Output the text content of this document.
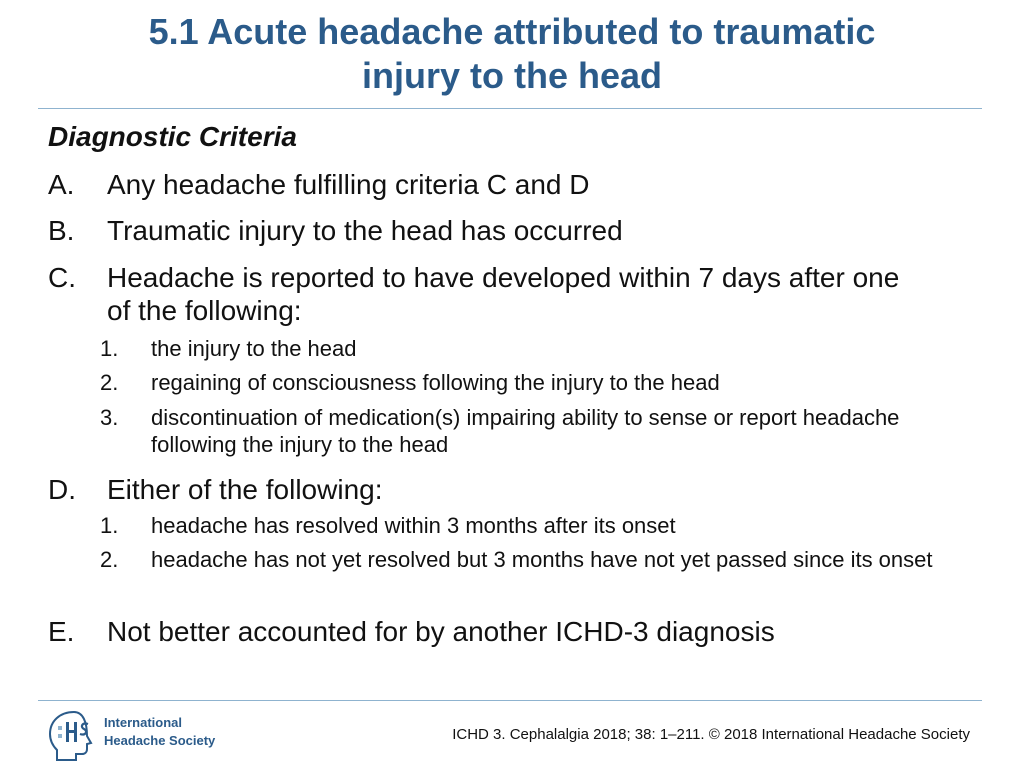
5.1 Acute headache attributed to traumatic
injury to the head
Diagnostic Criteria
A. Any headache fulfilling criteria C and D
B. Traumatic injury to the head has occurred
C. Headache is reported to have developed within 7 days after one of the following:
1. the injury to the head
2. regaining of consciousness following the injury to the head
3. discontinuation of medication(s) impairing ability to sense or report headache following the injury to the head
D. Either of the following:
1. headache has resolved within 3 months after its onset
2. headache has not yet resolved but 3 months have not yet passed since its onset
E. Not better accounted for by another ICHD-3 diagnosis
International
Headache Society	ICHD 3. Cephalalgia 2018; 38: 1–211. © 2018 International Headache Society
